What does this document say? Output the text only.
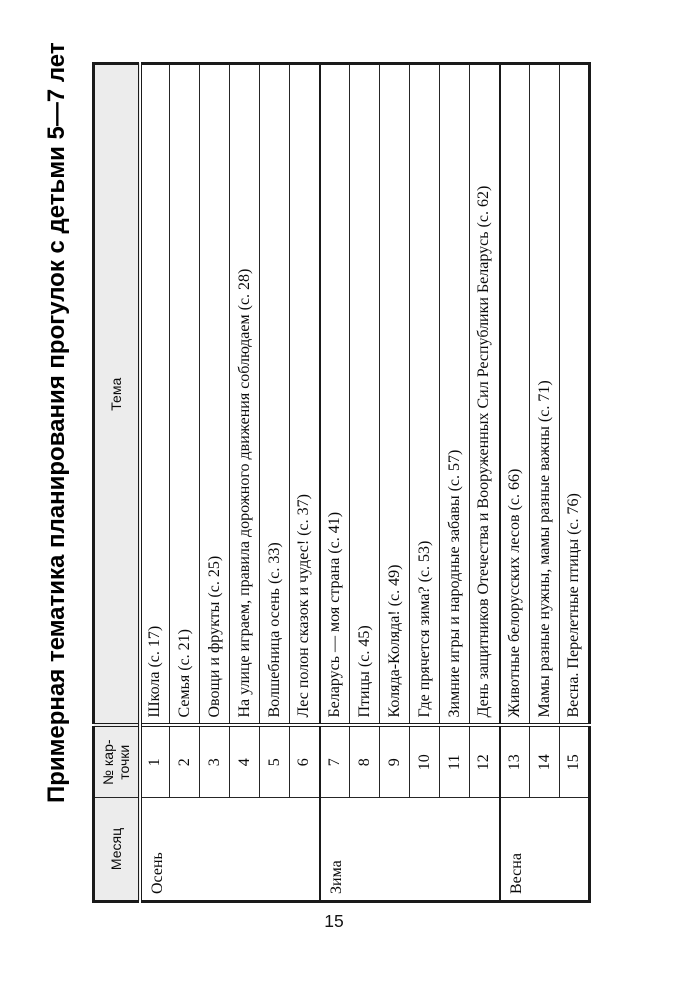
Примерная тематика планирования прогулок с детьми 5—7 лет
Месяц	№ кар- точки	Тема
Осень	1	Школа (с. 17)
	2	Семья (с. 21)
	3	Овощи и фрукты (с. 25)
	4	На улице играем, правила дорожного движения соблюдаем (с. 28)
	5	Волшебница осень (с. 33)
	6	Лес полон сказок и чудес! (с. 37)
Зима	7	Беларусь — моя страна (с. 41)
	8	Птицы (с. 45)
	9	Коляда-Коляда! (с. 49)
	10	Где прячется зима? (с. 53)
	11	Зимние игры и народные забавы (с. 57)
	12	День защитников Отечества и Вооруженных Сил Республики Беларусь (с. 62)
Весна	13	Животные белорусских лесов (с. 66)
	14	Мамы разные нужны, мамы разные важны (с. 71)
	15	Весна. Перелетные птицы (с. 76)
15
